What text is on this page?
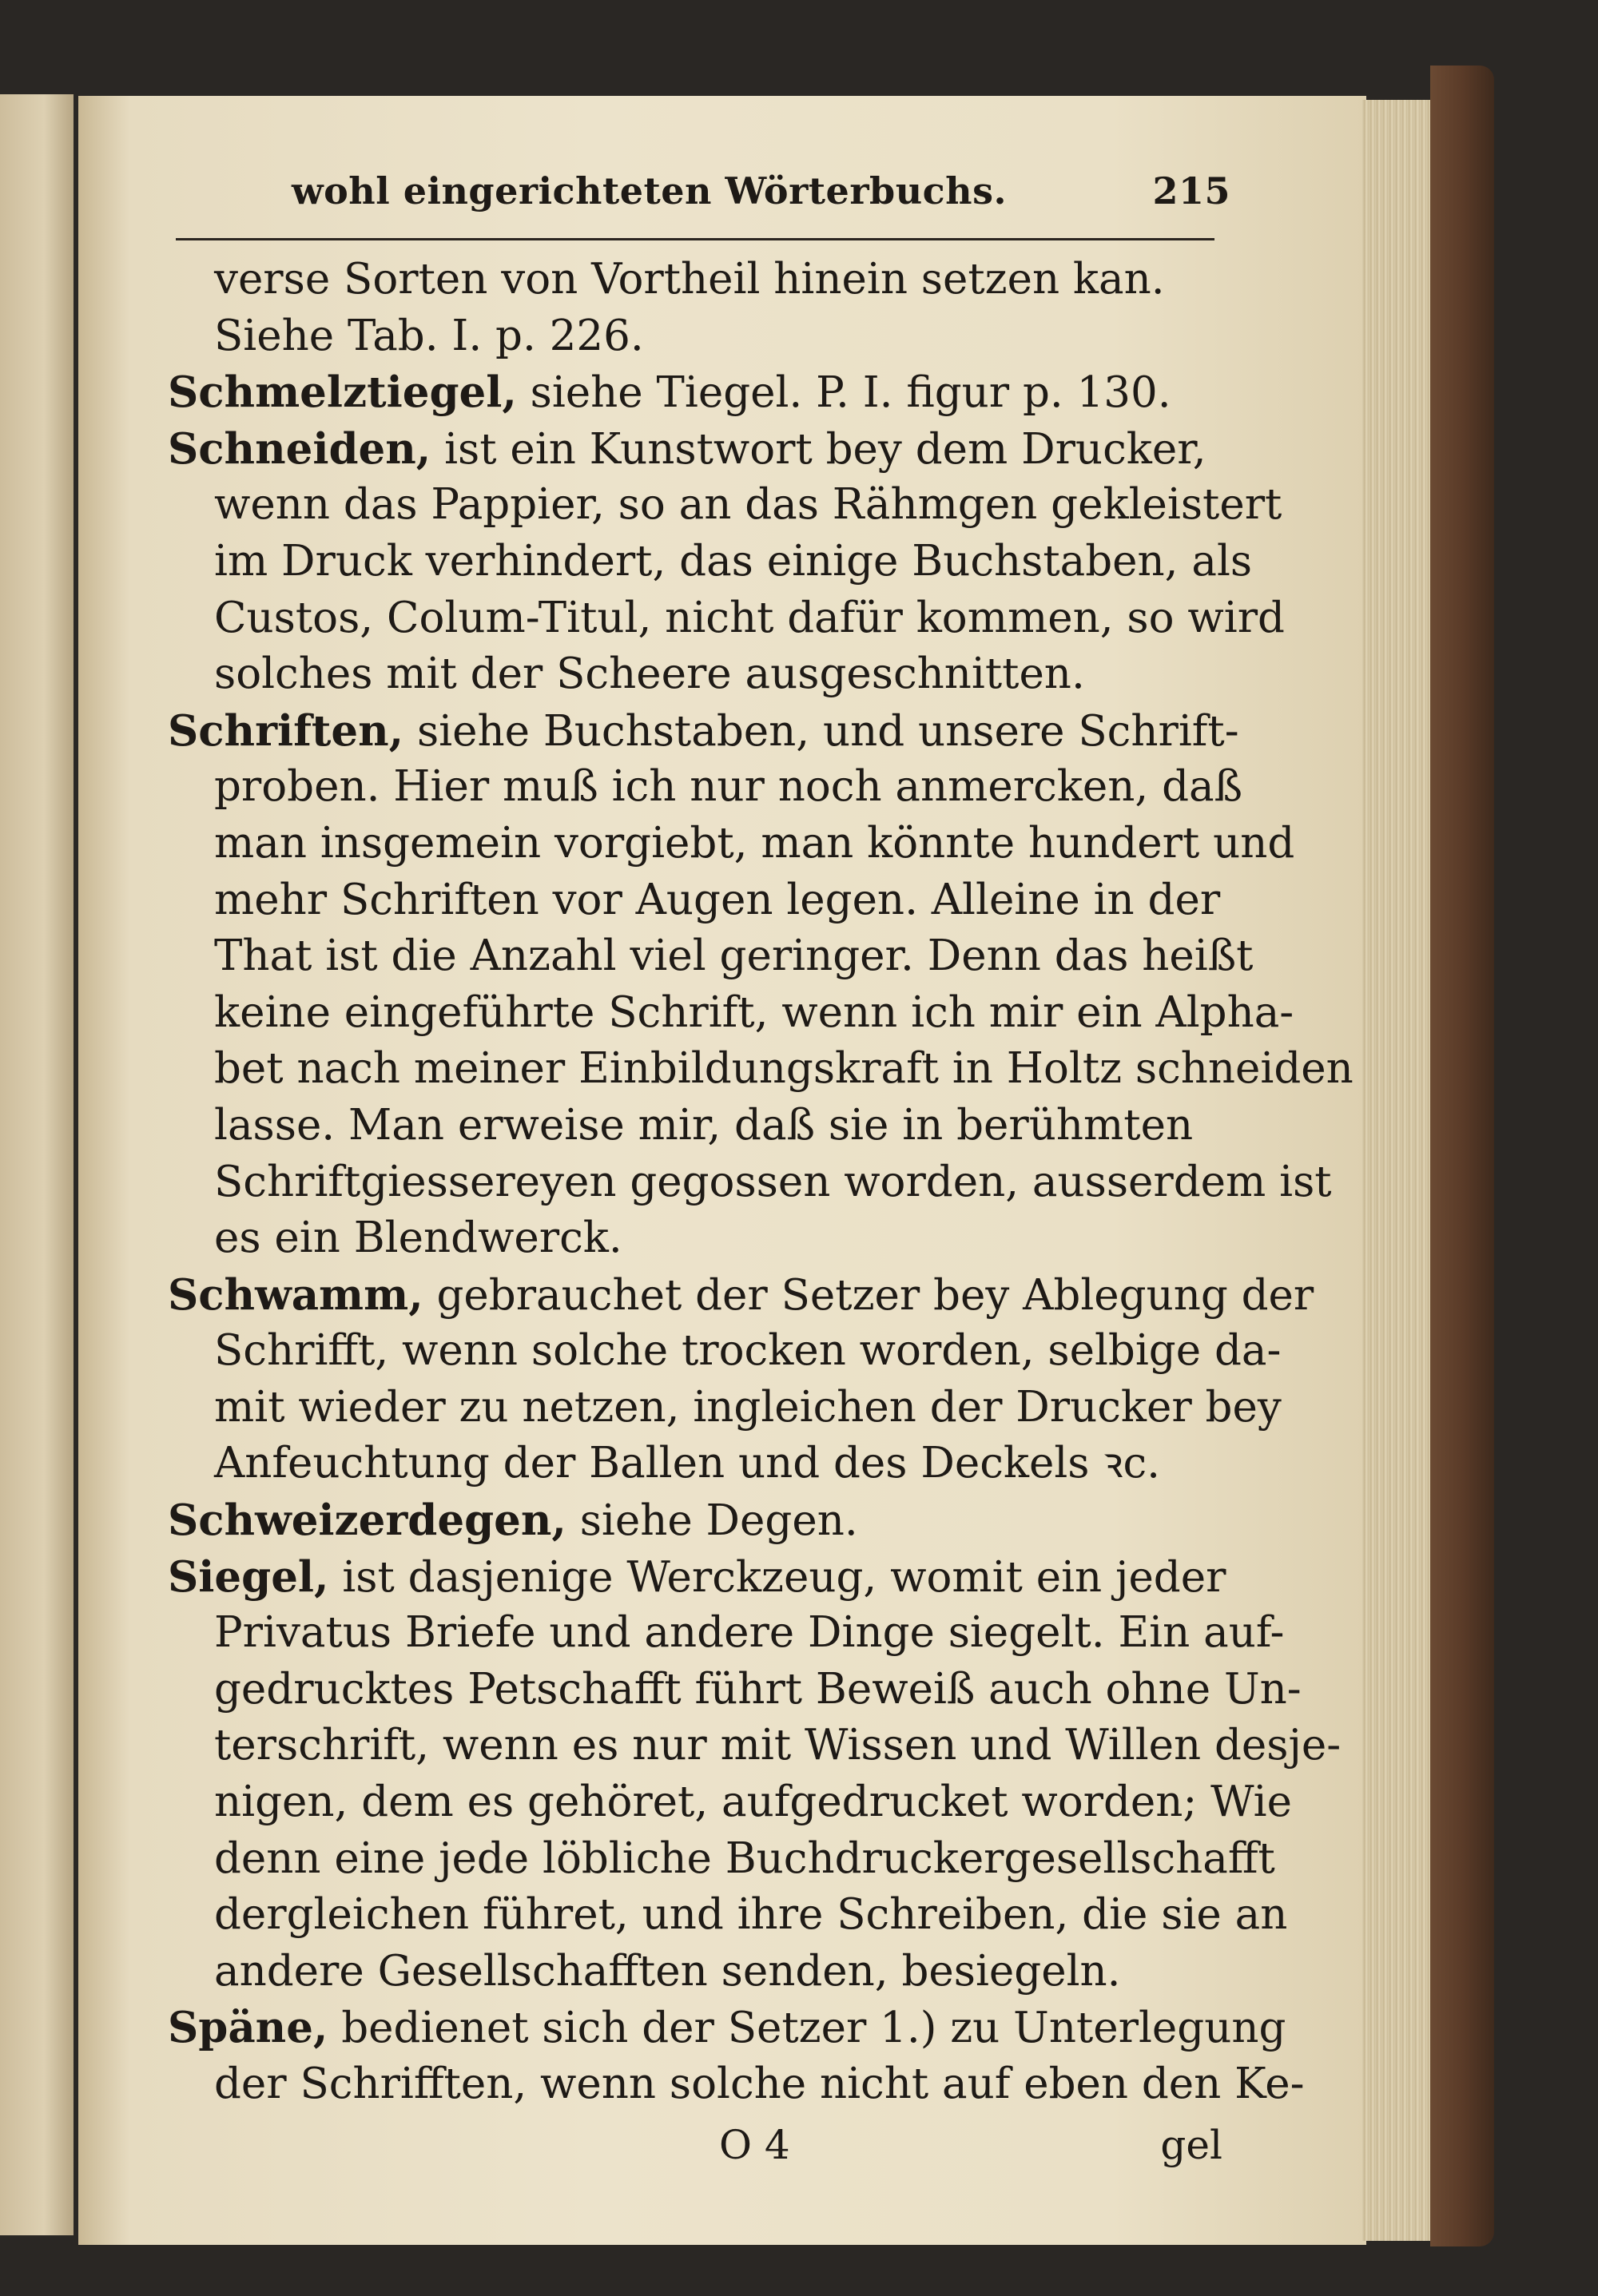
wohl eingerichteten Wörterbuchs.	215
verse Sorten von Vortheil hinein setzen kan.
Siehe Tab. I. p. 226.
Schmelztiegel, siehe Tiegel. P. I. figur p. 130.
Schneiden, ist ein Kunstwort bey dem Drucker,
wenn das Pappier, so an das Rähmgen gekleistert
im Druck verhindert, das einige Buchstaben, als
Custos, Colum-Titul, nicht dafür kommen, so wird
solches mit der Scheere ausgeschnitten.
Schriften, siehe Buchstaben, und unsere Schrift-
proben. Hier muß ich nur noch anmercken, daß
man insgemein vorgiebt, man könnte hundert und
mehr Schriften vor Augen legen. Alleine in der
That ist die Anzahl viel geringer. Denn das heißt
keine eingeführte Schrift, wenn ich mir ein Alpha-
bet nach meiner Einbildungskraft in Holtz schneiden
lasse. Man erweise mir, daß sie in berühmten
Schriftgiessereyen gegossen worden, ausserdem ist
es ein Blendwerck.
Schwamm, gebrauchet der Setzer bey Ablegung der
Schrifft, wenn solche trocken worden, selbige da-
mit wieder zu netzen, ingleichen der Drucker bey
Anfeuchtung der Ballen und des Deckels ꝛc.
Schweizerdegen, siehe Degen.
Siegel, ist dasjenige Werckzeug, womit ein jeder
Privatus Briefe und andere Dinge siegelt. Ein auf-
gedrucktes Petschafft führt Beweiß auch ohne Un-
terschrift, wenn es nur mit Wissen und Willen desje-
nigen, dem es gehöret, aufgedrucket worden; Wie
denn eine jede löbliche Buchdruckergesellschafft
dergleichen führet, und ihre Schreiben, die sie an
andere Gesellschafften senden, besiegeln.
Späne, bedienet sich der Setzer 1.) zu Unterlegung
der Schrifften, wenn solche nicht auf eben den Ke-
O 4	gel
